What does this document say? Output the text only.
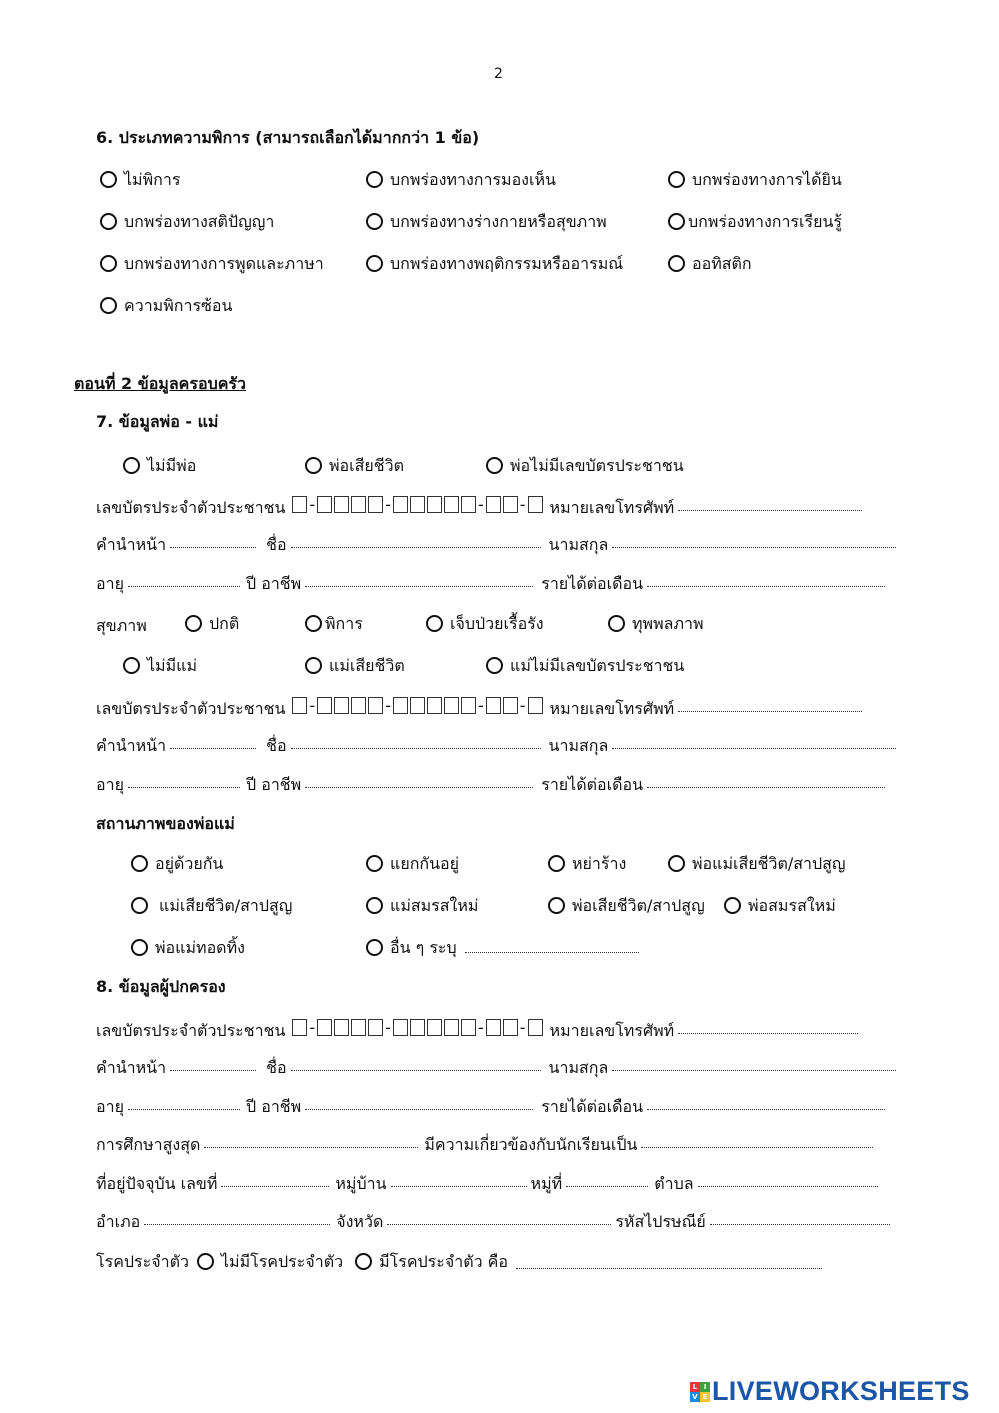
2
6. ประเภทความพิการ (สามารถเลือกได้มากกว่า 1 ข้อ)
ไม่พิการ	บกพร่องทางการมองเห็น	บกพร่องทางการได้ยิน
บกพร่องทางสติปัญญา	บกพร่องทางร่างกายหรือสุขภาพ	บกพร่องทางการเรียนรู้
บกพร่องทางการพูดและภาษา	บกพร่องทางพฤติกรรมหรืออารมณ์	ออทิสติก
ความพิการซ้อน
ตอนที่ 2 ข้อมูลครอบครัว
7. ข้อมูลพ่อ - แม่
ไม่มีพ่อ	พ่อเสียชีวิต	พ่อไม่มีเลขบัตรประชาชน
เลขบัตรประจำตัวประชาชน -	-	- - หมายเลขโทรศัพท์
คำนำหน้า	ชื่อ	นามสกุล
อายุ	ปี อาชีพ	รายได้ต่อเดือน
สุขภาพ	ปกติ	พิการ	เจ็บป่วยเรื้อรัง	ทุพพลภาพ
ไม่มีแม่	แม่เสียชีวิต	แม่ไม่มีเลขบัตรประชาชน
เลขบัตรประจำตัวประชาชน -	-	- - หมายเลขโทรศัพท์
คำนำหน้า	ชื่อ	นามสกุล
อายุ	ปี อาชีพ	รายได้ต่อเดือน
สถานภาพของพ่อแม่
อยู่ด้วยกัน	แยกกันอยู่	หย่าร้าง	พ่อแม่เสียชีวิต/สาปสูญ
แม่เสียชีวิต/สาปสูญ	แม่สมรสใหม่	พ่อเสียชีวิต/สาปสูญ	พ่อสมรสใหม่
พ่อแม่ทอดทิ้ง	อื่น ๆ ระบุ
8. ข้อมูลผู้ปกครอง
เลขบัตรประจำตัวประชาชน -	-	- - หมายเลขโทรศัพท์
คำนำหน้า	ชื่อ	นามสกุล
อายุ	ปี อาชีพ	รายได้ต่อเดือน
การศึกษาสูงสุด	มีความเกี่ยวข้องกับนักเรียนเป็น
ที่อยู่ปัจจุบัน เลขที่	หมู่บ้าน	หมู่ที่	ตำบล
อำเภอ	จังหวัด	รหัสไปรษณีย์
โรคประจำตัว ไม่มีโรคประจำตัว มีโรคประจำตัว คือ
L I
V E LIVEWORKSHEETS
